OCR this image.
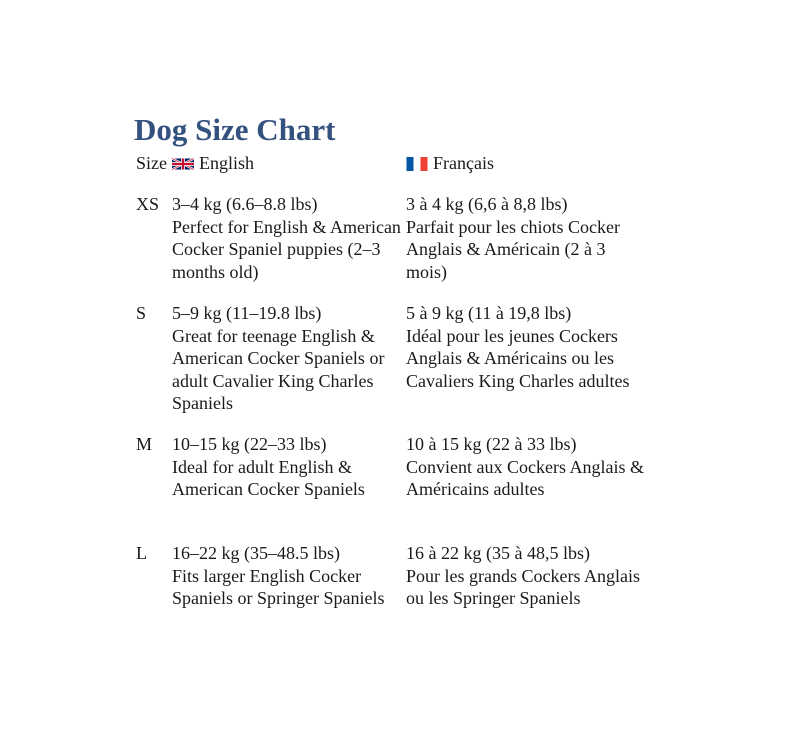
Dog Size Chart
Size	English	Français
XS 3–4 kg (6.6–8.8 lbs)
Perfect for English & American Cocker Spaniel puppies (2–3 months old)
3 à 4 kg (6,6 à 8,8 lbs)
Parfait pour les chiots Cocker Anglais & Américain (2 à 3 mois)
S 5–9 kg (11–19.8 lbs)
Great for teenage English & American Cocker Spaniels or adult Cavalier King Charles Spaniels
5 à 9 kg (11 à 19,8 lbs)
Idéal pour les jeunes Cockers Anglais & Américains ou les Cavaliers King Charles adultes
M 10–15 kg (22–33 lbs)
Ideal for adult English & American Cocker Spaniels
10 à 15 kg (22 à 33 lbs)
Convient aux Cockers Anglais & Américains adultes
L 16–22 kg (35–48.5 lbs)
Fits larger English Cocker Spaniels or Springer Spaniels
16 à 22 kg (35 à 48,5 lbs)
Pour les grands Cockers Anglais ou les Springer Spaniels
